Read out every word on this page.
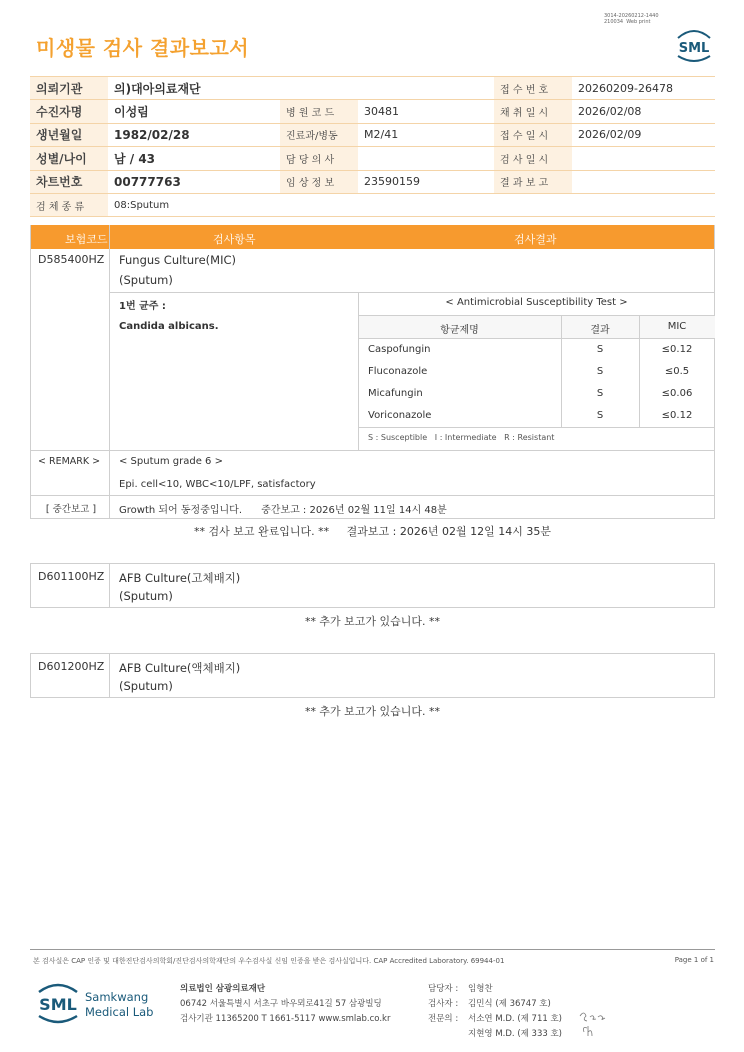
3014-20260212-1440
210034  Web print
미생물 검사 결과보고서	SML
의뢰기관	의)대아의료재단			접 수 번 호	20260209-26478
수진자명	이성림	병 원 코 드	30481	채 취 일 시	2026/02/08
생년월일	1982/02/28	진료과/병동	M2/41	접 수 일 시	2026/02/09
성별/나이	남 / 43	담 당 의 사		검 사 일 시	
차트번호	00777763	임 상 정 보	23590159	결 과 보 고	
검 체 종 류	08:Sputum				
보험코드	검사항목	검사결과
D585400HZ Fungus Culture(MIC)
(Sputum)
1번 균주 :
Candida albicans.
< Antimicrobial Susceptibility Test >
항균제명	결과	MIC
Caspofungin	S	≤0.12
Fluconazole	S	≤0.5
Micafungin	S	≤0.06
Voriconazole	S	≤0.12
S : Susceptible   I : Intermediate   R : Resistant
< REMARK > < Sputum grade 6 >
Epi. cell<10, WBC<10/LPF, satisfactory
[ 중간보고 ]	Growth 되어 동정중입니다.      중간보고 : 2026년 02월 11일 14시 48분
** 검사 보고 완료입니다. **     결과보고 : 2026년 02월 12일 14시 35분
D601100HZ AFB Culture(고체배지)
(Sputum)
** 추가 보고가 있습니다. **
D601200HZ AFB Culture(액체배지)
(Sputum)
** 추가 보고가 있습니다. **
본 검사실은 CAP 인증 및 대한진단검사의학회/진단검사의학재단의 우수검사실 신임 인증을 받은 검사실입니다. CAP Accredited Laboratory. 69944-01	Page 1 of 1
SML Samkwang
Medical Lab
의료법인 삼광의료재단
06742 서울특별시 서초구 바우뫼로41길 57 삼광빌딩
검사기관 11365200 T 1661-5117 www.smlab.co.kr
담당자 : 임형찬
검사자 : 김민식 (제 36747 호)
전문의 : 서소연 M.D. (제 711 호)
지현영 M.D. (제 333 호)
